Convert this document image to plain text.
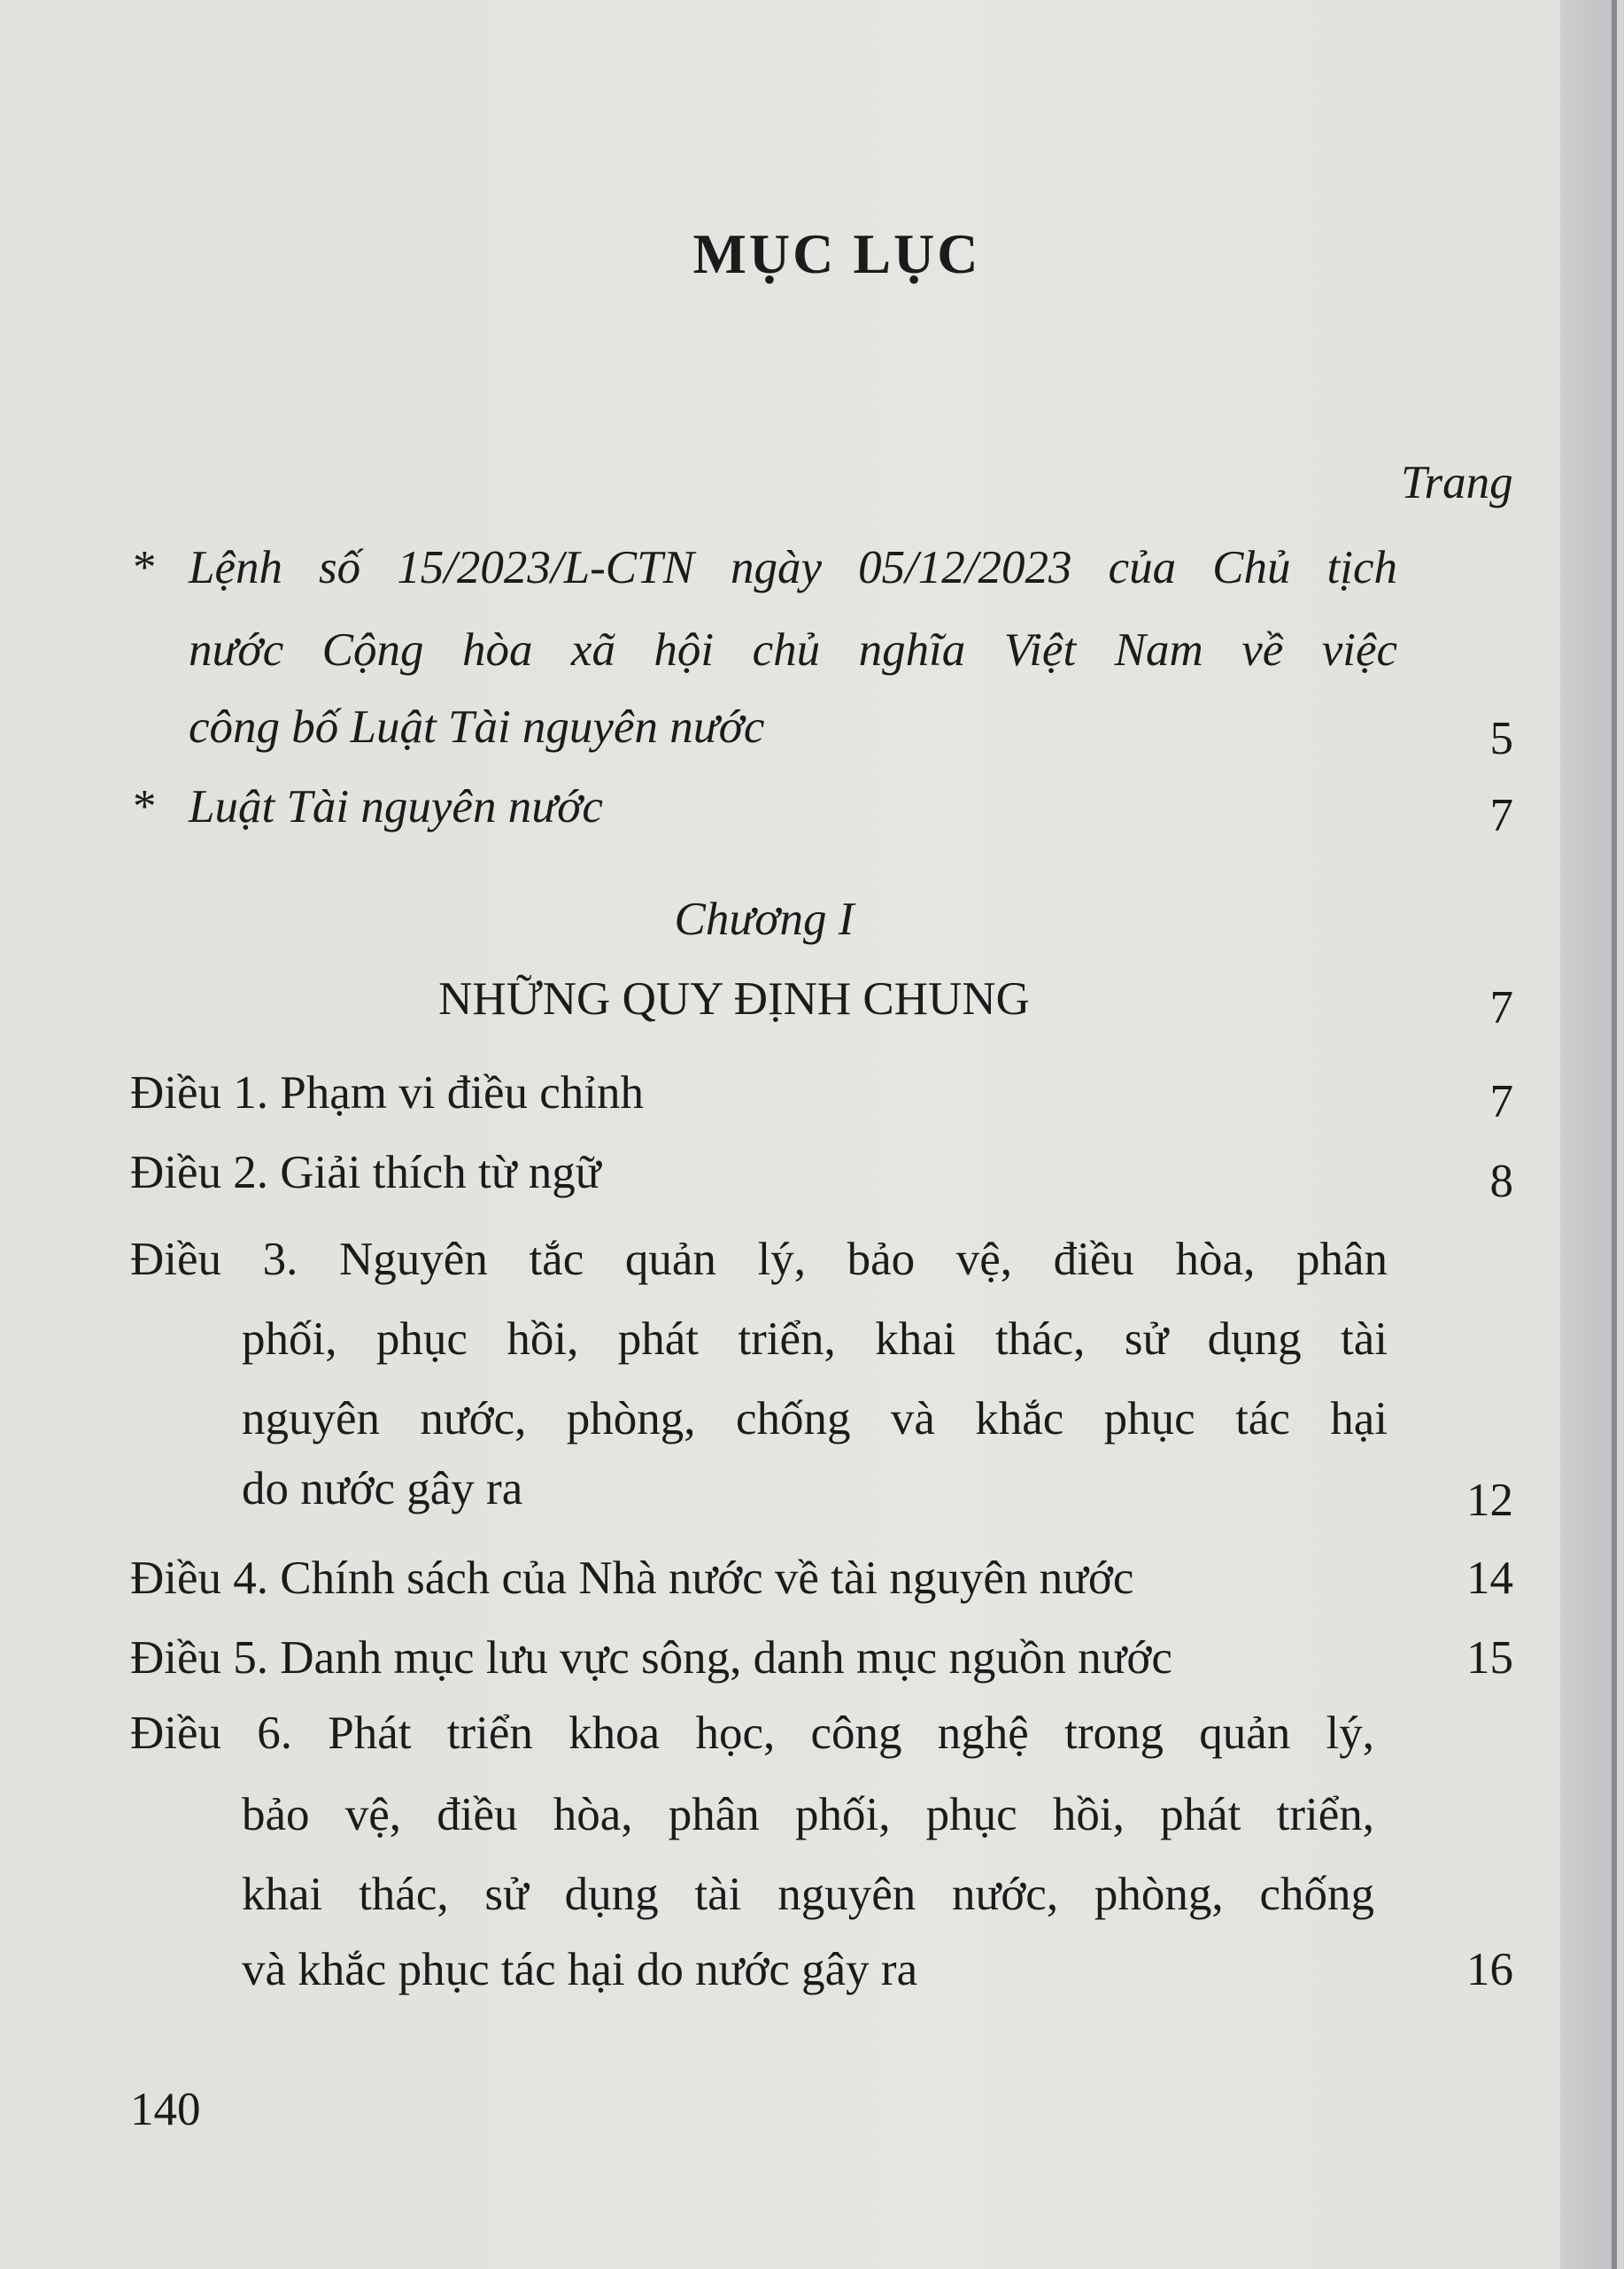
MỤC LỤC
Trang
* Lệnh số 15/2023/L-CTN ngày 05/12/2023 của Chủ tịch
nước Cộng hòa xã hội chủ nghĩa Việt Nam về việc
công bố Luật Tài nguyên nước	5
* Luật Tài nguyên nước	7
Chương I
NHỮNG QUY ĐỊNH CHUNG	7
Điều 1. Phạm vi điều chỉnh	7
Điều 2. Giải thích từ ngữ	8
Điều 3. Nguyên tắc quản lý, bảo vệ, điều hòa, phân
phối, phục hồi, phát triển, khai thác, sử dụng tài
nguyên nước, phòng, chống và khắc phục tác hại
do nước gây ra	12
Điều 4. Chính sách của Nhà nước về tài nguyên nước	14
Điều 5. Danh mục lưu vực sông, danh mục nguồn nước	15
Điều 6. Phát triển khoa học, công nghệ trong quản lý,
bảo vệ, điều hòa, phân phối, phục hồi, phát triển,
khai thác, sử dụng tài nguyên nước, phòng, chống
và khắc phục tác hại do nước gây ra	16
140
